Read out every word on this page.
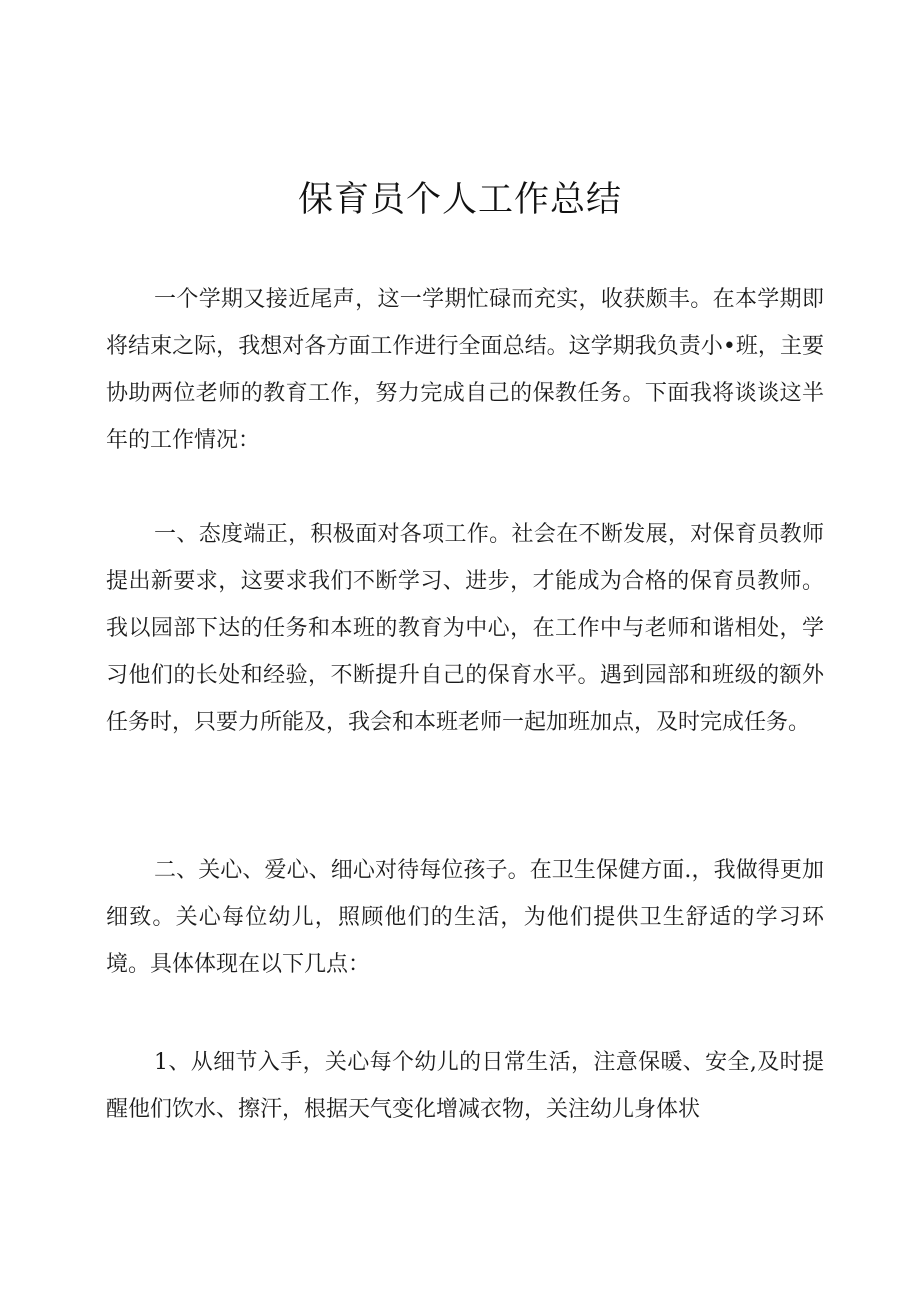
保育员个人工作总结

一个学期又接近尾声，这一学期忙碌而充实，收获颇丰。在本学期即将结束之际，我想对各方面工作进行全面总结。这学期我负责小•班，主要协助两位老师的教育工作，努力完成自己的保教任务。下面我将谈谈这半年的工作情况：

一、态度端正，积极面对各项工作。社会在不断发展，对保育员教师提出新要求，这要求我们不断学习、进步，才能成为合格的保育员教师。我以园部下达的任务和本班的教育为中心，在工作中与老师和谐相处，学习他们的长处和经验，不断提升自己的保育水平。遇到园部和班级的额外任务时，只要力所能及，我会和本班老师一起加班加点，及时完成任务。

二、关心、爱心、细心对待每位孩子。在卫生保健方面.，我做得更加细致。关心每位幼儿，照顾他们的生活，为他们提供卫生舒适的学习环境。具体体现在以下几点：

1、从细节入手，关心每个幼儿的日常生活，注意保暖、安全,及时提醒他们饮水、擦汗，根据天气变化增减衣物，关注幼儿身体状
